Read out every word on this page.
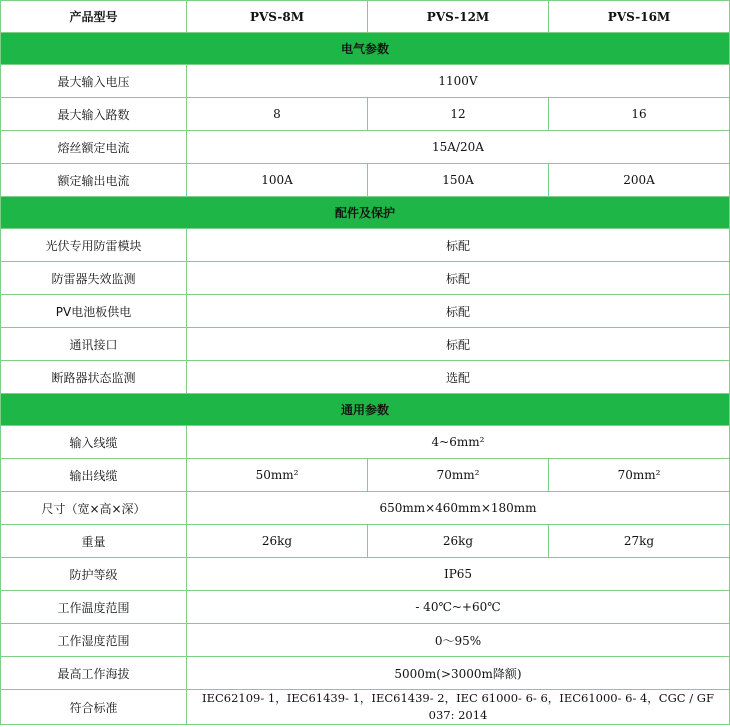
产品型号	PVS-8M	PVS-12M	PVS-16M
电气参数			
最大输入电压	1100V		
最大输入路数	8	12	16
熔丝额定电流	15A/20A		
额定输出电流	100A	150A	200A
配件及保护			
光伏专用防雷模块	标配		
防雷器失效监测	标配		
PV电池板供电	标配		
通讯接口	标配		
断路器状态监测	选配		
通用参数			
输入线缆	4~6mm²		
输出线缆	50mm²	70mm²	70mm²
尺寸（宽×高×深）	650mm×460mm×180mm		
重量	26kg	26kg	27kg
防护等级	IP65		
工作温度范围	- 40℃~+60℃		
工作湿度范围	0～95%		
最高工作海拔	5000m(>3000m降额)		
符合标准	IEC62109- 1，IEC61439- 1，IEC61439- 2，IEC 61000- 6- 6，IEC61000- 6- 4，CGC / GF 037: 2014		
